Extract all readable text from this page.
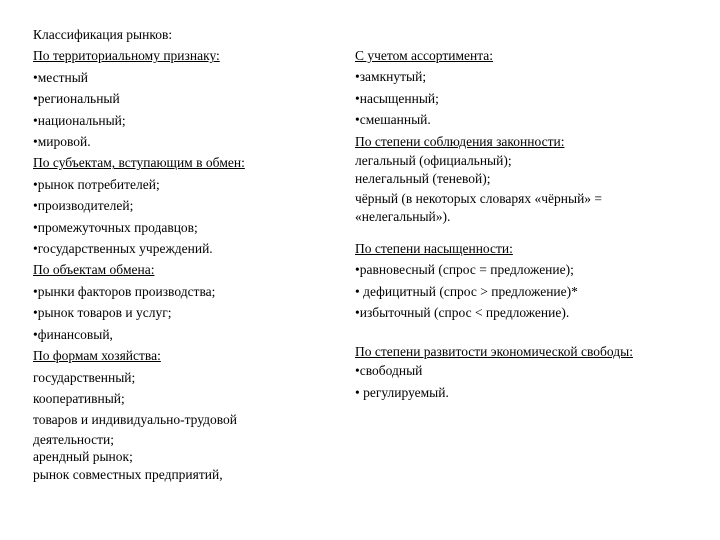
Классификация рынков:
По территориальному признаку:
•местный
•региональный
•национальный;
•мировой.
По субъектам, вступающим в обмен:
•рынок потребителей;
•производителей;
•промежуточных продавцов;
•государственных учреждений.
По объектам обмена:
•рынки факторов производства;
•рынок товаров и услуг;
•финансовый,
По формам хозяйства:
государственный;
кооперативный;
товаров и индивидуально-трудовой
деятельности;
арендный рынок;
рынок совместных предприятий,
С учетом ассортимента:
•замкнутый;
•насыщенный;
•смешанный.
По степени соблюдения законности:
легальный (официальный);
нелегальный (теневой);
чёрный (в некоторых словарях «чёрный» = «нелегальный»).
По степени насыщенности:
•равновесный (спрос = предложение);
• дефицитный (спрос > предложение)*
•избыточный (спрос < предложение).
По степени развитости экономической свободы:
•свободный
• регулируемый.
